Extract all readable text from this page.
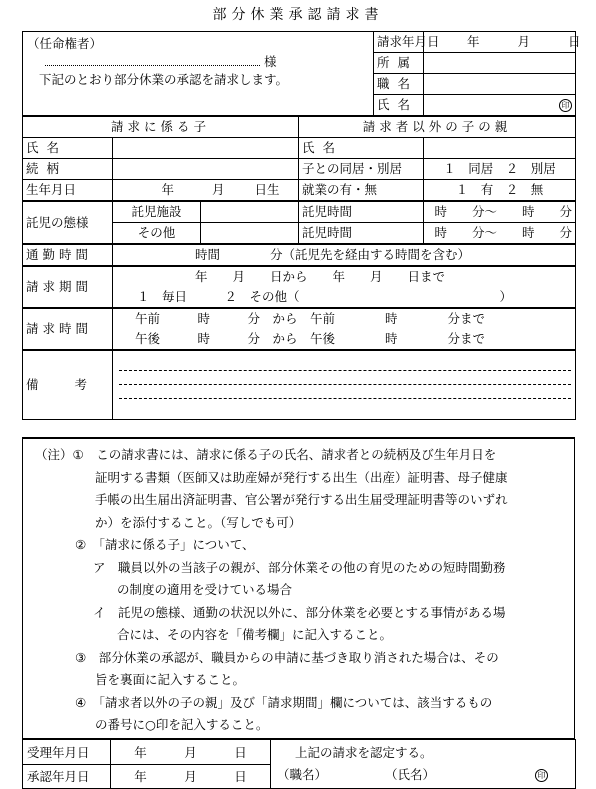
部分休業承認請求書
（任命権者）
様
下記のとおり部分休業の承認を請求します。				請求年月日	年 月 日
				所属	
				職名	
				氏名	印
請求に係る子			請求者以外の子の親		
氏名			氏名		
続柄			子との同居・別居		１　同居　２　別居
生年月日	年 月 日生		就業の有・無		１　有　２　無
託児の態様	託児施設		託児時間		時　　分～　　時　　分
	その他		託児時間		時　　分～　　時　　分
通勤時間	時間　　　　分（託児先を経由する時間を含む）				
請求期間	年　　月　　日から　　年　　月　　日まで				
	１　毎日　　　２　その他（　　　　　　　　　　　　　　　　）				
請求時間	午前　　　時　　　分　から　午前　　　　時　　　　分まで				
	午後　　　時　　　分　から　午後　　　　時　　　　分まで				
備考					

（注）①　この請求書には、請求に係る子の氏名、請求者との続柄及び生年月日を

証明する書類（医師又は助産婦が発行する出生（出産）証明書、母子健康

手帳の出生届出済証明書、官公署が発行する出生届受理証明書等のいずれ

か）を添付すること。（写しでも可）

②　「請求に係る子」について、

ア　職員以外の当該子の親が、部分休業その他の育児のための短時間勤務

の制度の適用を受けている場合

イ　託児の態様、通勤の状況以外に、部分休業を必要とする事情がある場

合には、その内容を「備考欄」に記入すること。

③　部分休業の承認が、職員からの申請に基づき取り消された場合は、その

旨を裏面に記入すること。

④　「請求者以外の子の親」及び「請求期間」欄については、該当するもの

の番号に○印を記入すること。

受理年月日	年　　　月　　　日	上記の請求を認定する。
（職名） （氏名） 印

承認年月日	年　　　月　　　日	
